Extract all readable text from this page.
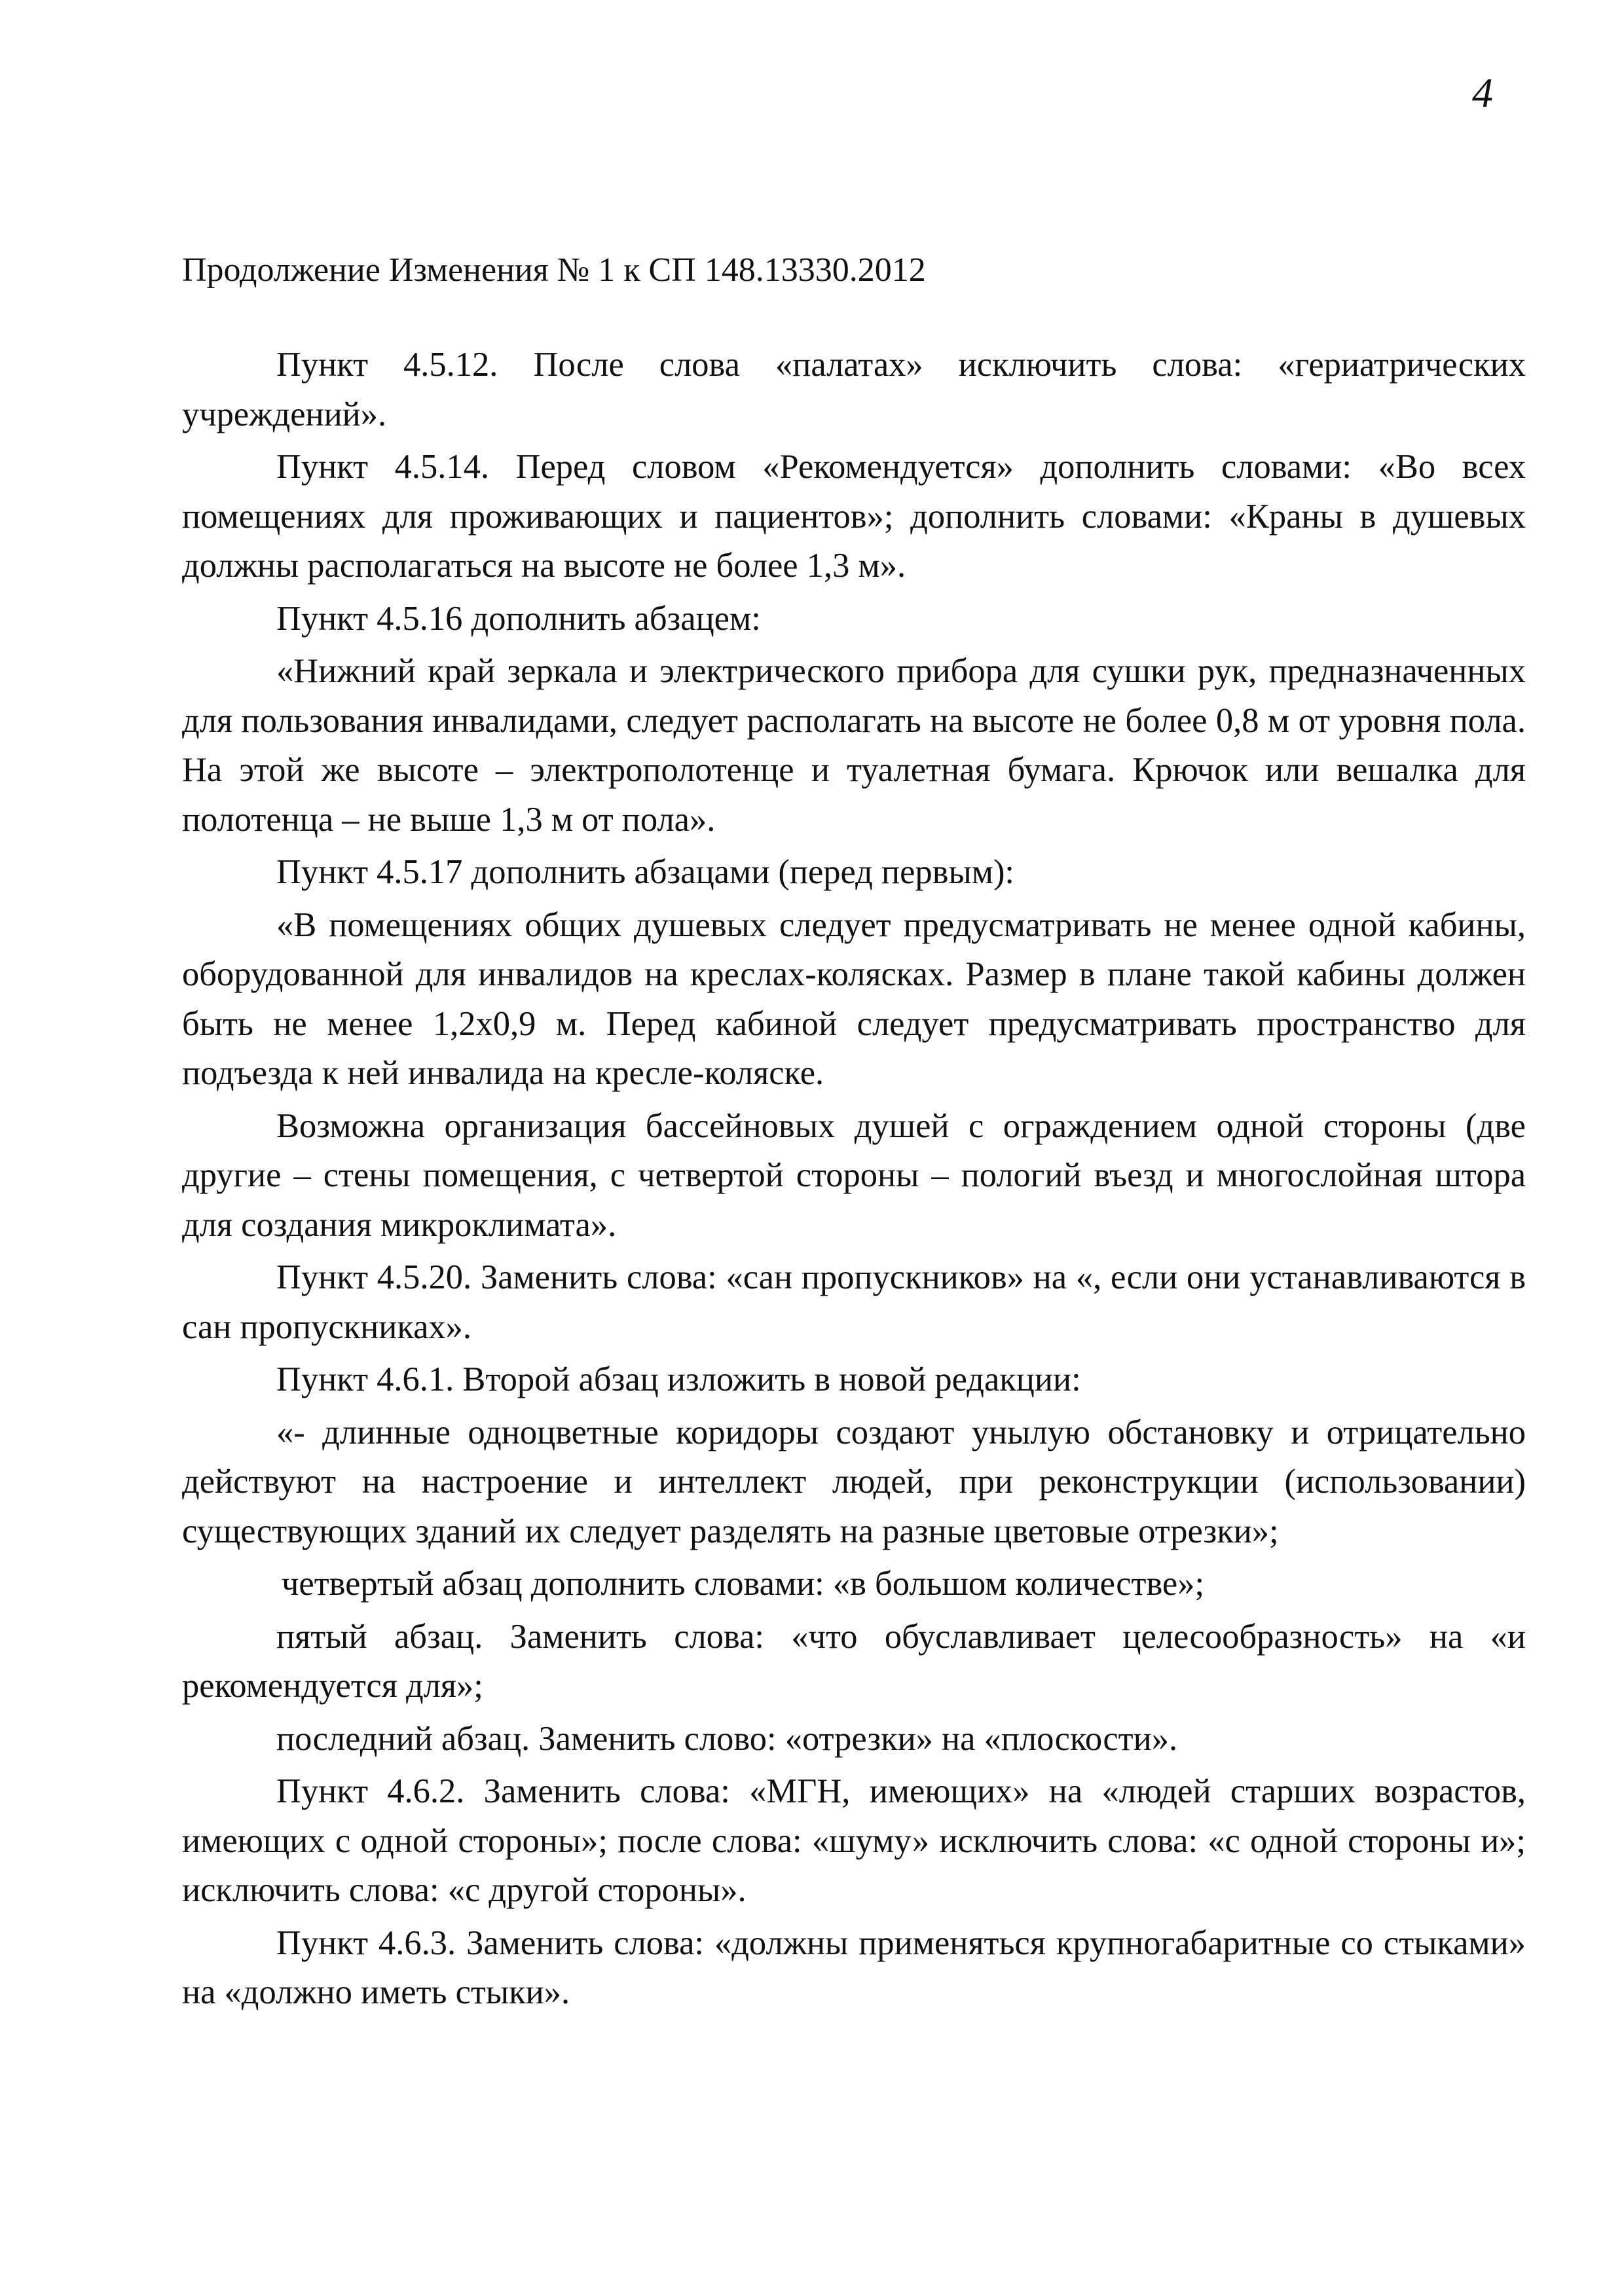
4
Продолжение Изменения № 1 к СП 148.13330.2012

Пункт 4.5.12. После слова «палатах» исключить слова: «гериатрических учреждений».

Пункт 4.5.14. Перед словом «Рекомендуется» дополнить словами: «Во всех помещениях для проживающих и пациентов»; дополнить словами: «Краны в душевых должны располагаться на высоте не более 1,3 м».

Пункт 4.5.16 дополнить абзацем:

«Нижний край зеркала и электрического прибора для сушки рук, предназначенных для пользования инвалидами, следует располагать на высоте не более 0,8 м от уровня пола. На этой же высоте – электрополотенце и туалетная бумага. Крючок или вешалка для полотенца – не выше 1,3 м от пола».

Пункт 4.5.17 дополнить абзацами (перед первым):

«В помещениях общих душевых следует предусматривать не менее одной кабины, оборудованной для инвалидов на креслах-колясках. Размер в плане такой кабины должен быть не менее 1,2х0,9 м. Перед кабиной следует предусматривать пространство для подъезда к ней инвалида на кресле-коляске.

Возможна организация бассейновых душей с ограждением одной стороны (две другие – стены помещения, с четвертой стороны – пологий въезд и многослойная штора для создания микроклимата».

Пункт 4.5.20. Заменить слова: «сан пропускников» на «, если они устанавливаются в сан пропускниках».

Пункт 4.6.1. Второй абзац изложить в новой редакции:

«- длинные одноцветные коридоры создают унылую обстановку и отрицательно действуют на настроение и интеллект людей, при реконструкции (использовании) существующих зданий их следует разделять на разные цветовые отрезки»;

четвертый абзац дополнить словами: «в большом количестве»;

пятый абзац. Заменить слова: «что обуславливает целесообразность» на «и рекомендуется для»;

последний абзац. Заменить слово: «отрезки» на «плоскости».

Пункт 4.6.2. Заменить слова: «МГН, имеющих» на «людей старших возрастов, имеющих с одной стороны»; после слова: «шуму» исключить слова: «с одной стороны и»; исключить слова: «с другой стороны».

Пункт 4.6.3. Заменить слова: «должны применяться крупногабаритные со стыками» на «должно иметь стыки».
